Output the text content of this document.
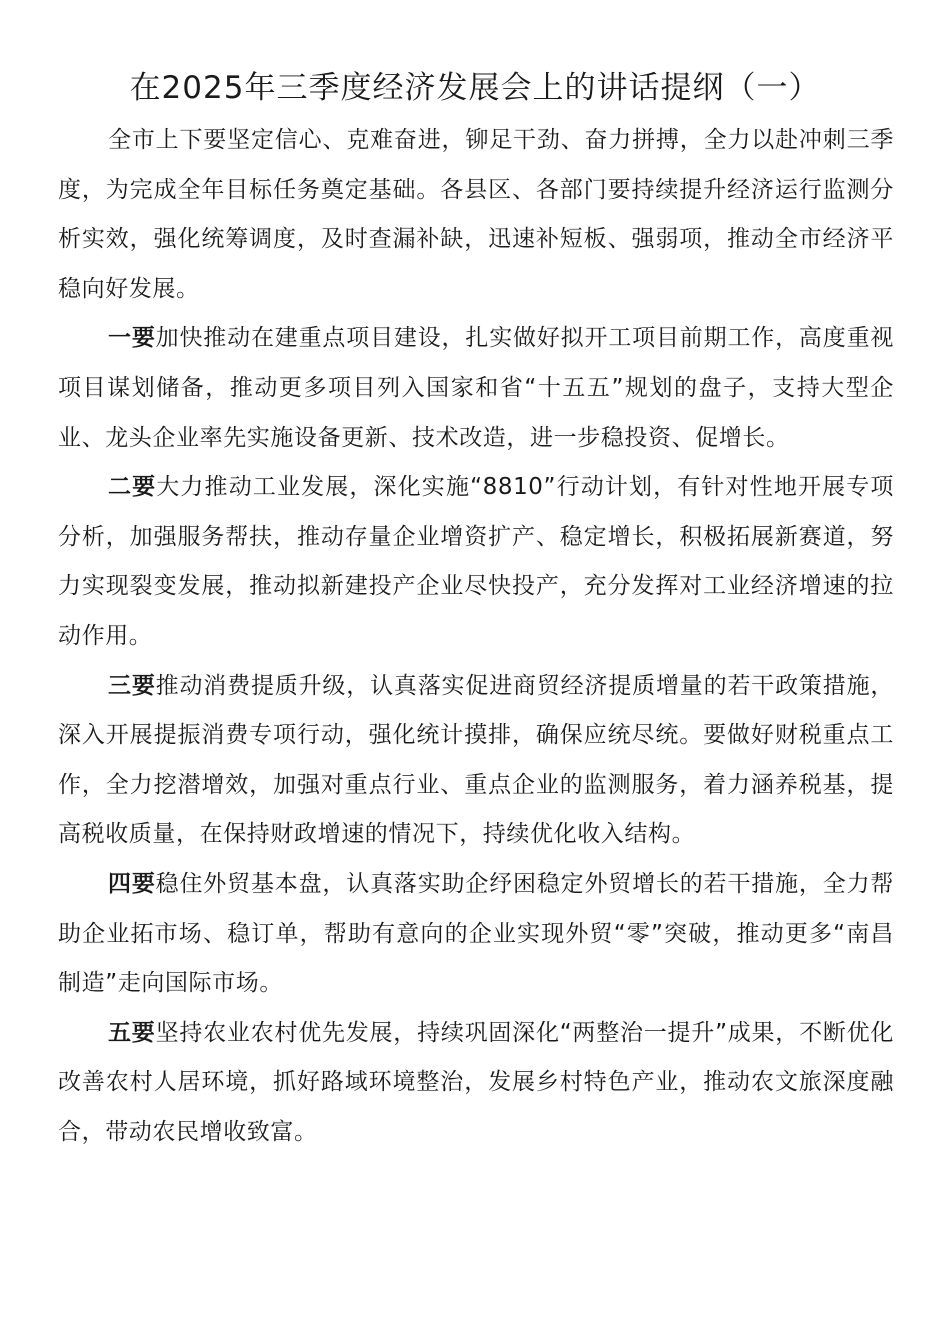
在2025年三季度经济发展会上的讲话提纲（一）

全市上下要坚定信心、克难奋进，铆足干劲、奋力拼搏，全力以赴冲刺三季度，为完成全年目标任务奠定基础。各县区、各部门要持续提升经济运行监测分析实效，强化统筹调度，及时查漏补缺，迅速补短板、强弱项，推动全市经济平稳向好发展。

一要加快推动在建重点项目建设，扎实做好拟开工项目前期工作，高度重视项目谋划储备，推动更多项目列入国家和省“十五五”规划的盘子，支持大型企业、龙头企业率先实施设备更新、技术改造，进一步稳投资、促增长。

二要大力推动工业发展，深化实施“8810”行动计划，有针对性地开展专项分析，加强服务帮扶，推动存量企业增资扩产、稳定增长，积极拓展新赛道，努力实现裂变发展，推动拟新建投产企业尽快投产，充分发挥对工业经济增速的拉动作用。

三要推动消费提质升级，认真落实促进商贸经济提质增量的若干政策措施，深入开展提振消费专项行动，强化统计摸排，确保应统尽统。要做好财税重点工作，全力挖潜增效，加强对重点行业、重点企业的监测服务，着力涵养税基，提高税收质量，在保持财政增速的情况下，持续优化收入结构。

四要稳住外贸基本盘，认真落实助企纾困稳定外贸增长的若干措施，全力帮助企业拓市场、稳订单，帮助有意向的企业实现外贸“零”突破，推动更多“南昌制造”走向国际市场。

五要坚持农业农村优先发展，持续巩固深化“两整治一提升”成果，不断优化改善农村人居环境，抓好路域环境整治，发展乡村特色产业，推动农文旅深度融合，带动农民增收致富。
